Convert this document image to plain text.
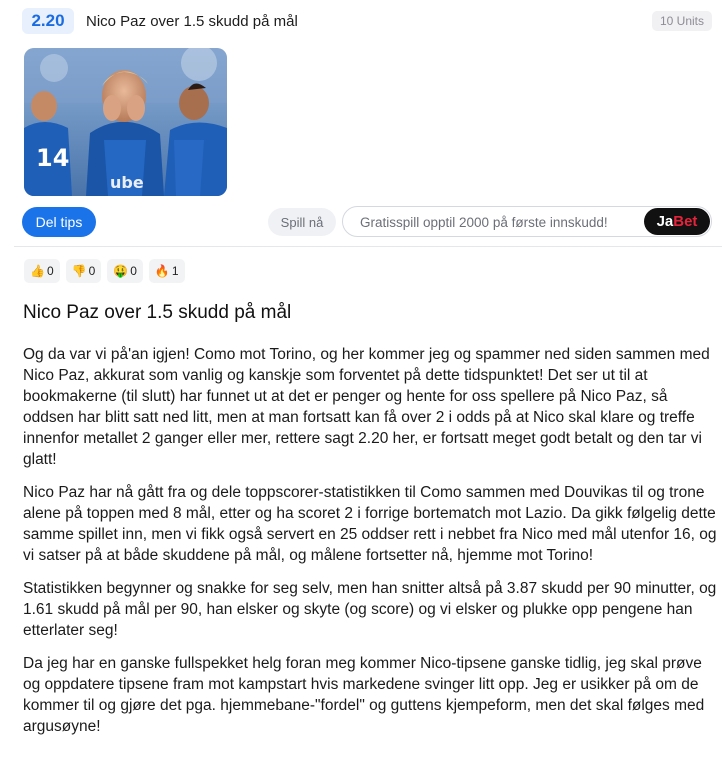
2.20	Nico Paz over 1.5 skudd på mål	10 Units
14
ube
Del tips	Spill nå	Gratisspill opptil 2000 på første innskudd!	Ja Bet
👍 0 👎 0 🤑 0 🔥 1
Nico Paz over 1.5 skudd på mål

Og da var vi på'an igjen! Como mot Torino, og her kommer jeg og spammer ned siden sammen med Nico Paz, akkurat som vanlig og kanskje som forventet på dette tidspunktet! Det ser ut til at bookmakerne (til slutt) har funnet ut at det er penger og hente for oss spellere på Nico Paz, så oddsen har blitt satt ned litt, men at man fortsatt kan få over 2 i odds på at Nico skal klare og treffe innenfor metallet 2 ganger eller mer, rettere sagt 2.20 her, er fortsatt meget godt betalt og den tar vi glatt!

Nico Paz har nå gått fra og dele toppscorer-statistikken til Como sammen med Douvikas til og trone alene på toppen med 8 mål, etter og ha scoret 2 i forrige bortematch mot Lazio. Da gikk følgelig dette samme spillet inn, men vi fikk også servert en 25 oddser rett i nebbet fra Nico med mål utenfor 16, og vi satser på at både skuddene på mål, og målene fortsetter nå, hjemme mot Torino!

Statistikken begynner og snakke for seg selv, men han snitter altså på 3.87 skudd per 90 minutter, og 1.61 skudd på mål per 90, han elsker og skyte (og score) og vi elsker og plukke opp pengene han etterlater seg!

Da jeg har en ganske fullspekket helg foran meg kommer Nico-tipsene ganske tidlig, jeg skal prøve og oppdatere tipsene fram mot kampstart hvis markedene svinger litt opp. Jeg er usikker på om de kommer til og gjøre det pga. hjemmebane-"fordel" og guttens kjempeform, men det skal følges med argusøyne!
